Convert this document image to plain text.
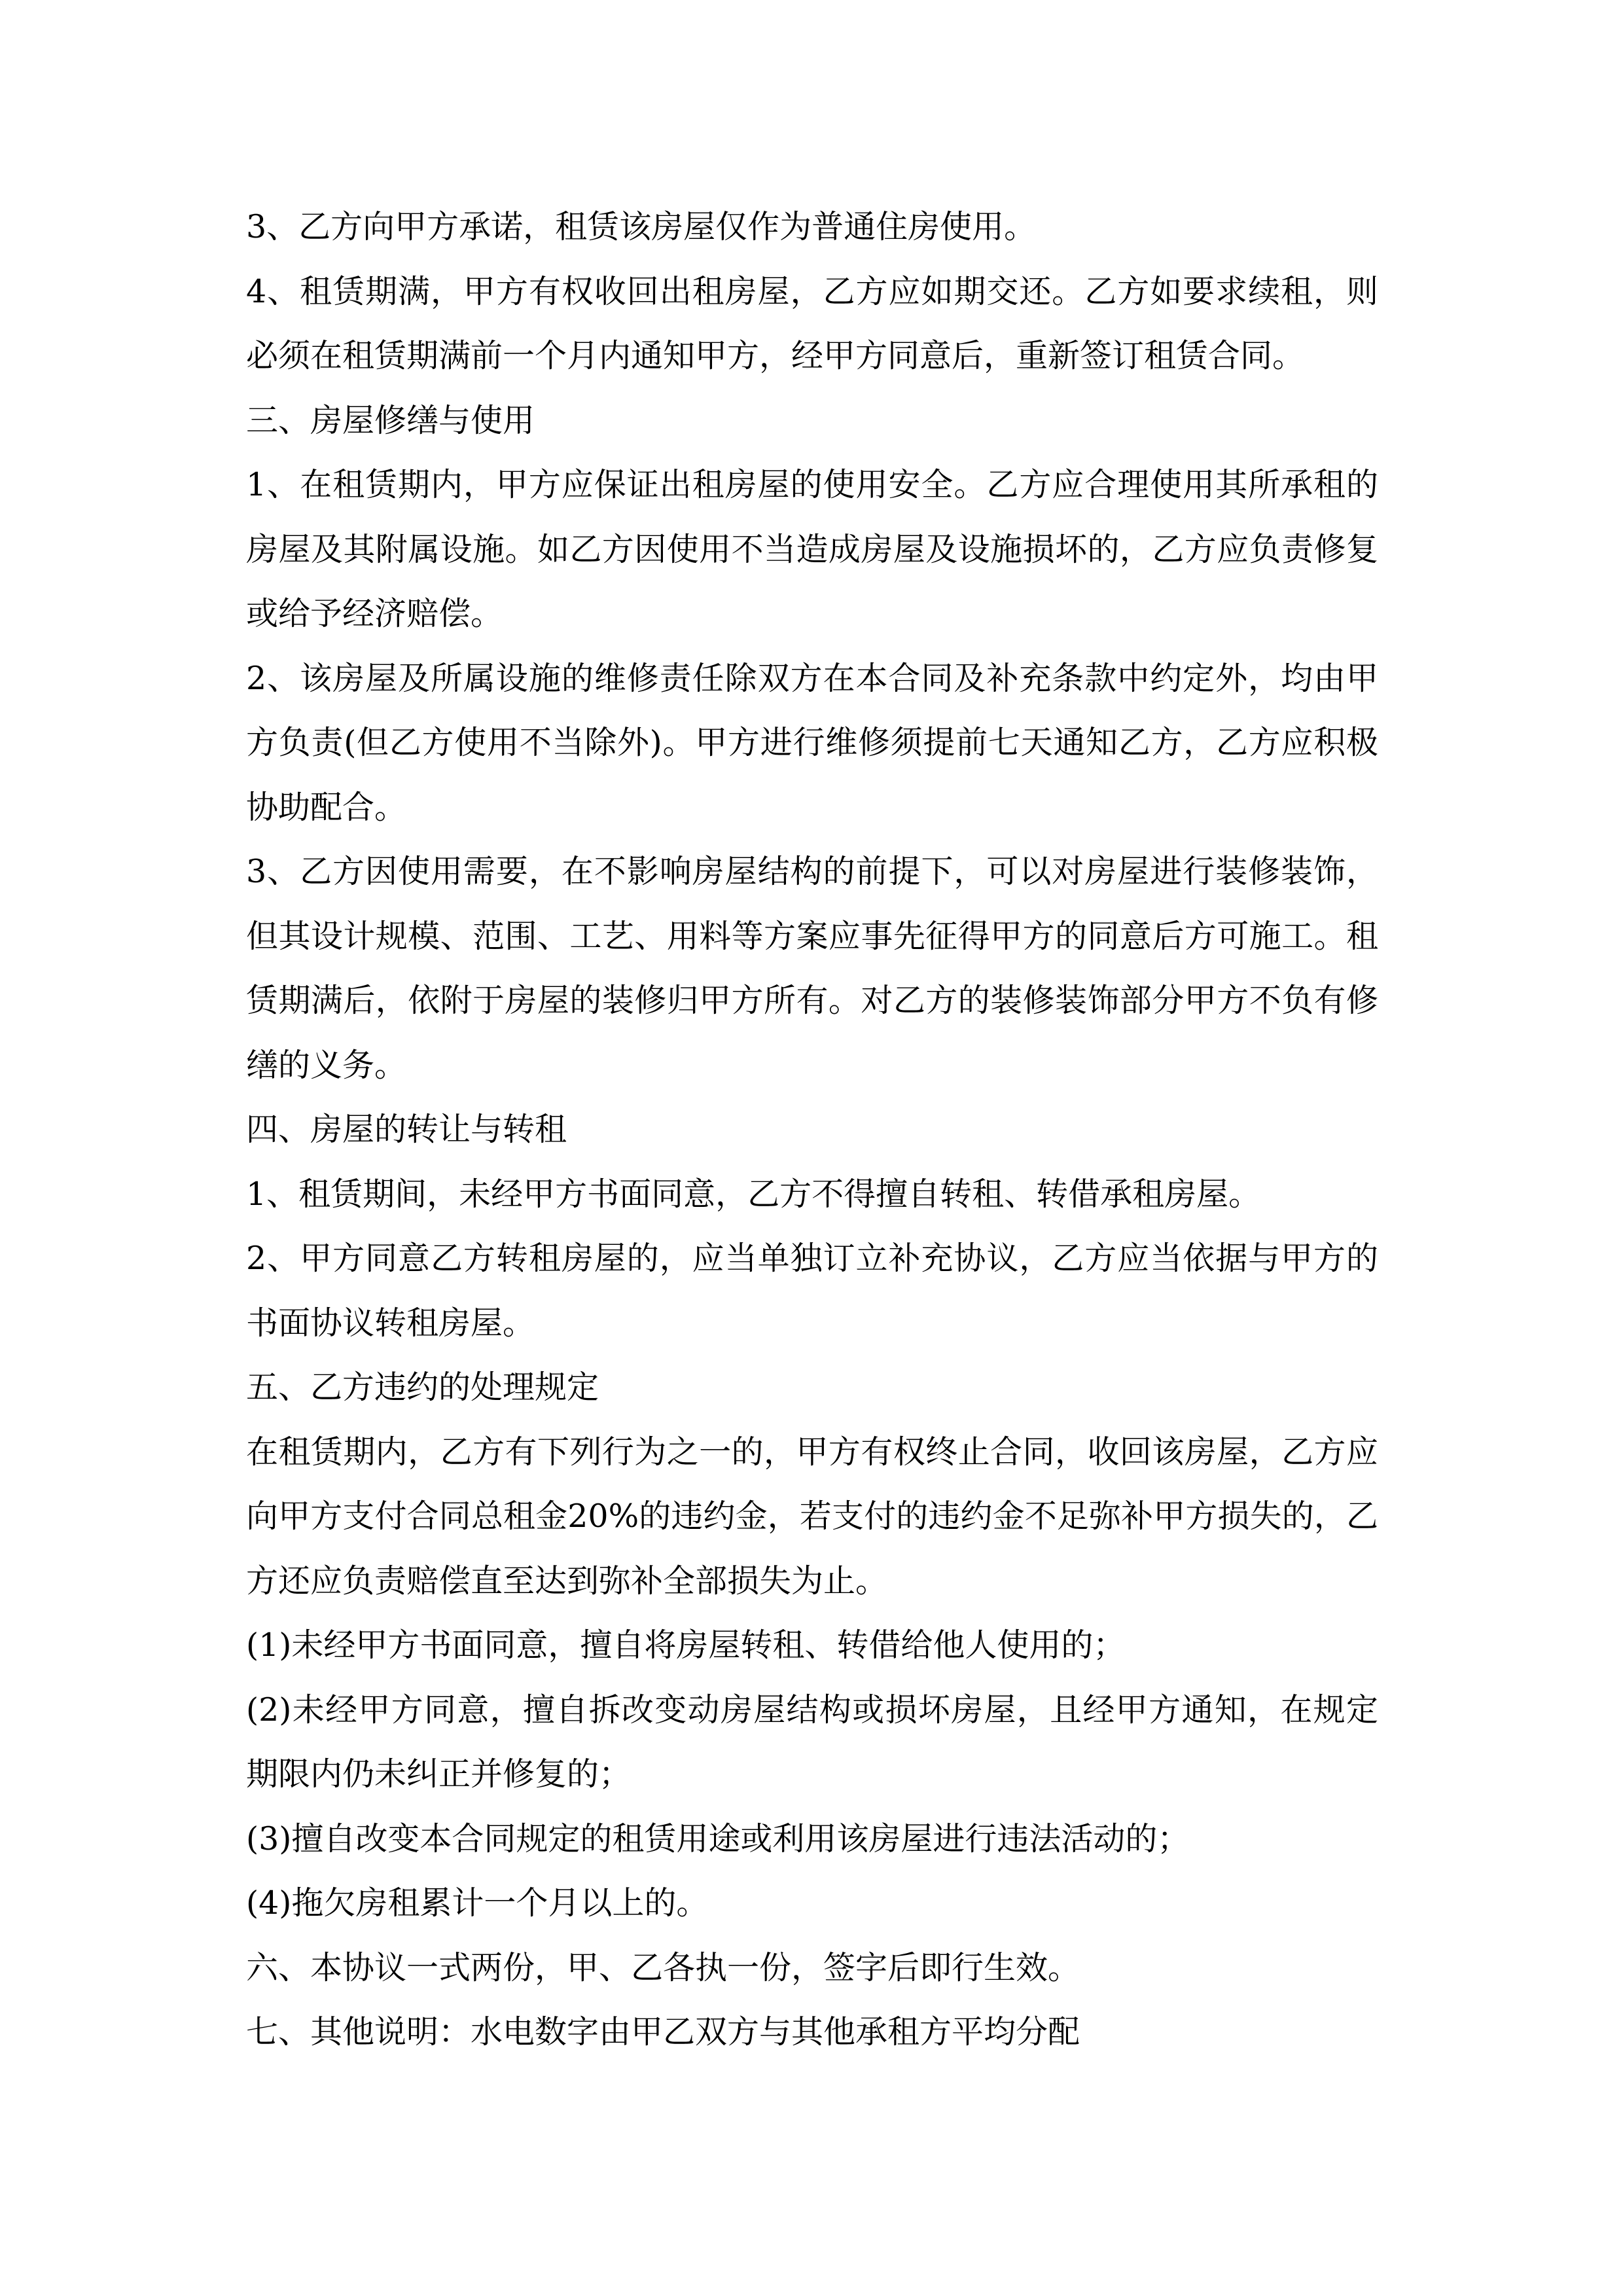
3、乙方向甲方承诺，租赁该房屋仅作为普通住房使用。

4、租赁期满，甲方有权收回出租房屋，乙方应如期交还。乙方如要求续租，则必须在租赁期满前一个月内通知甲方，经甲方同意后，重新签订租赁合同。

三、房屋修缮与使用

1、在租赁期内，甲方应保证出租房屋的使用安全。乙方应合理使用其所承租的房屋及其附属设施。如乙方因使用不当造成房屋及设施损坏的，乙方应负责修复或给予经济赔偿。

2、该房屋及所属设施的维修责任除双方在本合同及补充条款中约定外，均由甲方负责(但乙方使用不当除外)。甲方进行维修须提前七天通知乙方，乙方应积极协助配合。

3、乙方因使用需要，在不影响房屋结构的前提下，可以对房屋进行装修装饰，但其设计规模、范围、工艺、用料等方案应事先征得甲方的同意后方可施工。租赁期满后，依附于房屋的装修归甲方所有。对乙方的装修装饰部分甲方不负有修缮的义务。

四、房屋的转让与转租

1、租赁期间，未经甲方书面同意，乙方不得擅自转租、转借承租房屋。

2、甲方同意乙方转租房屋的，应当单独订立补充协议，乙方应当依据与甲方的书面协议转租房屋。

五、乙方违约的处理规定

在租赁期内，乙方有下列行为之一的，甲方有权终止合同，收回该房屋，乙方应向甲方支付合同总租金20%的违约金，若支付的违约金不足弥补甲方损失的，乙方还应负责赔偿直至达到弥补全部损失为止。

(1)未经甲方书面同意，擅自将房屋转租、转借给他人使用的；

(2)未经甲方同意，擅自拆改变动房屋结构或损坏房屋，且经甲方通知，在规定期限内仍未纠正并修复的；

(3)擅自改变本合同规定的租赁用途或利用该房屋进行违法活动的；

(4)拖欠房租累计一个月以上的。

六、本协议一式两份，甲、乙各执一份，签字后即行生效。

七、其他说明：水电数字由甲乙双方与其他承租方平均分配
